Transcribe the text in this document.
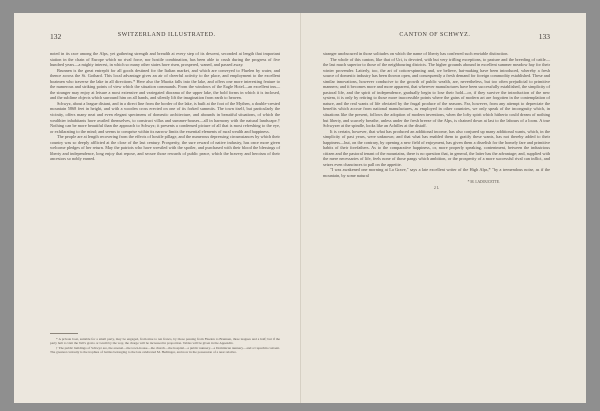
132	SWITZERLAND ILLUSTRATED.

noted in its race among the Alps, yet gathering strength and breadth at every step of its descent, seconded at length that important station in the chain of Europe which no rival force, nor hostile combination, has been able to crush during the progress of five hundred years—a mighty interest, in which so many other states have risen, prospered, waned, and passed away.

Brunnen is the great entrepôt for all goods destined for the Italian market, and which are conveyed to Fluelen by water, and thence across the St. Gothard. This local advantage gives an air of cheerful activity to the place, and employment to the excellent boatmen who traverse the lake in all directions.* Here also the Muotta falls into the lake, and offers one more interesting feature to the numerous and striking points of view which the situation commands. From the windows of the Eagle Hotel—an excellent inn—the stranger may enjoy at leisure a most extensive and variegated diorama of the upper lake, the bold forms in which it is inclosed, and the sublime objects which surround him on all hands, and silently lift the imagination from earth to heaven.

Schwyz, about a league distant, and in a direct line from the border of the lake, is built at the foot of the Mythen, a double-crested mountain 5868 feet in height, and with a wooden cross erected on one of its forked summits. The town itself, but particularly the vicinity, offers many neat and even elegant specimens of domestic architecture, and abounds in beautiful situations, of which the wealthier inhabitants have availed themselves, to construct villas and summer-houses—all in harmony with the natural landscape.† Nothing can be more beautiful than the approach to Schwyz; it presents a condensed picture of all that is most refreshing to the eye, or exhilarating to the mind; and seems to comprise within its narrow limits the essential elements of rural wealth and happiness.

The people are at length recovering from the effects of hostile pillage, and the numerous depressing circumstances by which their country was so deeply afflicted at the close of the last century. Prosperity, the sure reward of native industry, has once more given welcome pledges of her return. May the patriots who have wrestled with the spoiler, and purchased with their blood the blessings of liberty and independence, long enjoy that repose, and secure those rewards of public peace, which the bravery and heroism of their ancestors so nobly earned.

* A private boat, suitable for a small party, may be engaged, from nine to ten francs, by those passing from Fluelen to Brunnen, three leagues and a half; but if the party halt to visit the Tell's grotto or Grutli by the way, the charge will be increased in proportion. Tables will be given in the Appendix.

† The public buildings of Schwyz are, the arsenal—the town-house—the church—the hospital—a public nunnery—a Dominican nunnery—and a Capuchin convent. The greatest curiosity is the trophies of battles belonging to the late celebrated M. Hediinger, and now in the possession of a near relative.

CANTON OF SCHWYZ.	133

stranger unobscured in those solitudes on which the name of liberty has conferred such enviable distinction.

The whole of this canton, like that of Uri, is devoted, with but very trifling exceptions, to pasture and the breeding of cattle—the last much superior to those of the neighbouring districts. The higher grounds abound in excellent summer meadow hay for their winter provender. Latterly, too, the art of cotton-spinning and, we believe, hat-making have been introduced, whereby a fresh source of domestic industry has been thrown open, and consequently a fresh demand for foreign commodity established. These and similar innovations, however conducive to the growth of public wealth, are, nevertheless, but too often prejudicial to primitive manners; and it becomes more and more apparent, that wherever manufactures have been successfully established, the simplicity of pastoral life, and the spirit of independence, gradually begin to lose their hold—or, if they survive the introduction of the new system, it is only by retiring to those more inaccessible points where the gains of modern art are forgotten in the contemplation of nature, and the real wants of life obviated by the frugal produce of the seasons. Far, however, from any attempt to depreciate the benefits which accrue from national manufactures, as employed in other countries, we only speak of the incongruity which, in situations like the present, follows the adoption of modern inventions, when the lofty spirit which hitherto could dream of nothing but liberty, and scarcely breathe, unless under the fresh breeze of the Alps, is chained down at last to the labours of a loom. A true Schwyzer at the spindle, looks like an Achilles at the distaff.

It is certain, however, that what has produced an additional income, has also conjured up many additional wants, which, in the simplicity of past years, were unknown; and that what has enabled them to gratify these wants, has not thereby added to their happiness—but, on the contrary, by opening a new field of enjoyment, has given them a disrelish for the homely fare and primitive habits of their forefathers. As to the comparative happiness, or, more properly speaking, contentment, between the industrious citizen and the pastoral tenant of the mountains, there is no question that, in general, the latter has the advantage; and, supplied with the mere necessaries of life, feels none of those pangs which ambition, or the prosperity of a more successful rival can inflict, and seizes even chancinces to pall on the appetite.

"I was awakened one morning at La Grave," says a late excellent writer of the High Alps,* "by a tremendous noise, as if the mountain, by some natural

* M. LADOUCETTE.

2 L
